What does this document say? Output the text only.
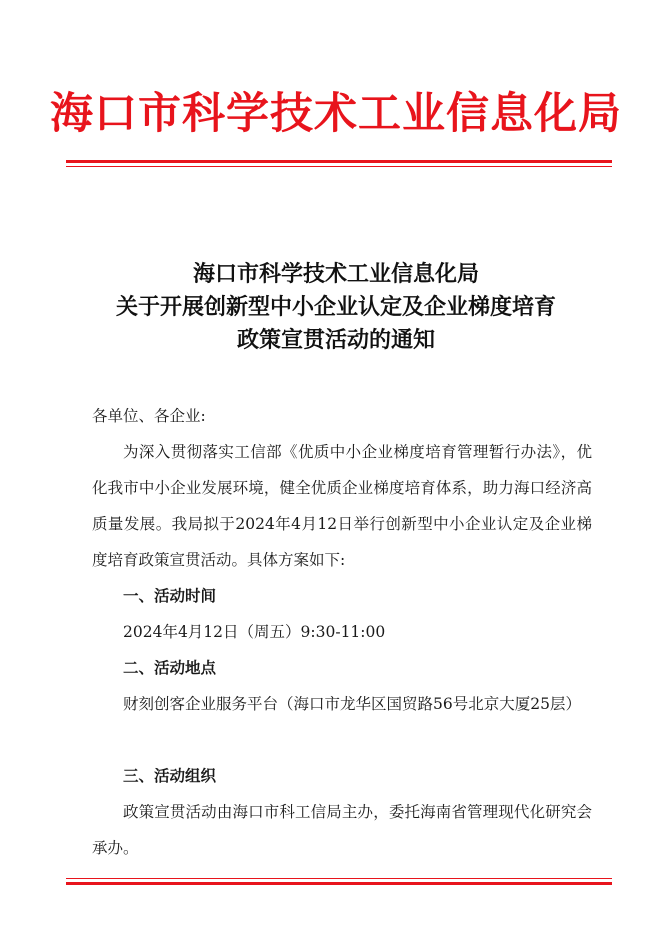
海口市科学技术工业信息化局
海口市科学技术工业信息化局
关于开展创新型中小企业认定及企业梯度培育
政策宣贯活动的通知
各单位、各企业:

为深入贯彻落实工信部《优质中小企业梯度培育管理暂行办法》，优化我市中小企业发展环境，健全优质企业梯度培育体系，助力海口经济高质量发展。我局拟于2024年4月12日举行创新型中小企业认定及企业梯度培育政策宣贯活动。具体方案如下:

一、活动时间
2024年4月12日（周五）9:30-11:00
二、活动地点

财刻创客企业服务平台（海口市龙华区国贸路56号北京大厦25层）

三、活动组织

政策宣贯活动由海口市科工信局主办，委托海南省管理现代化研究会承办。
